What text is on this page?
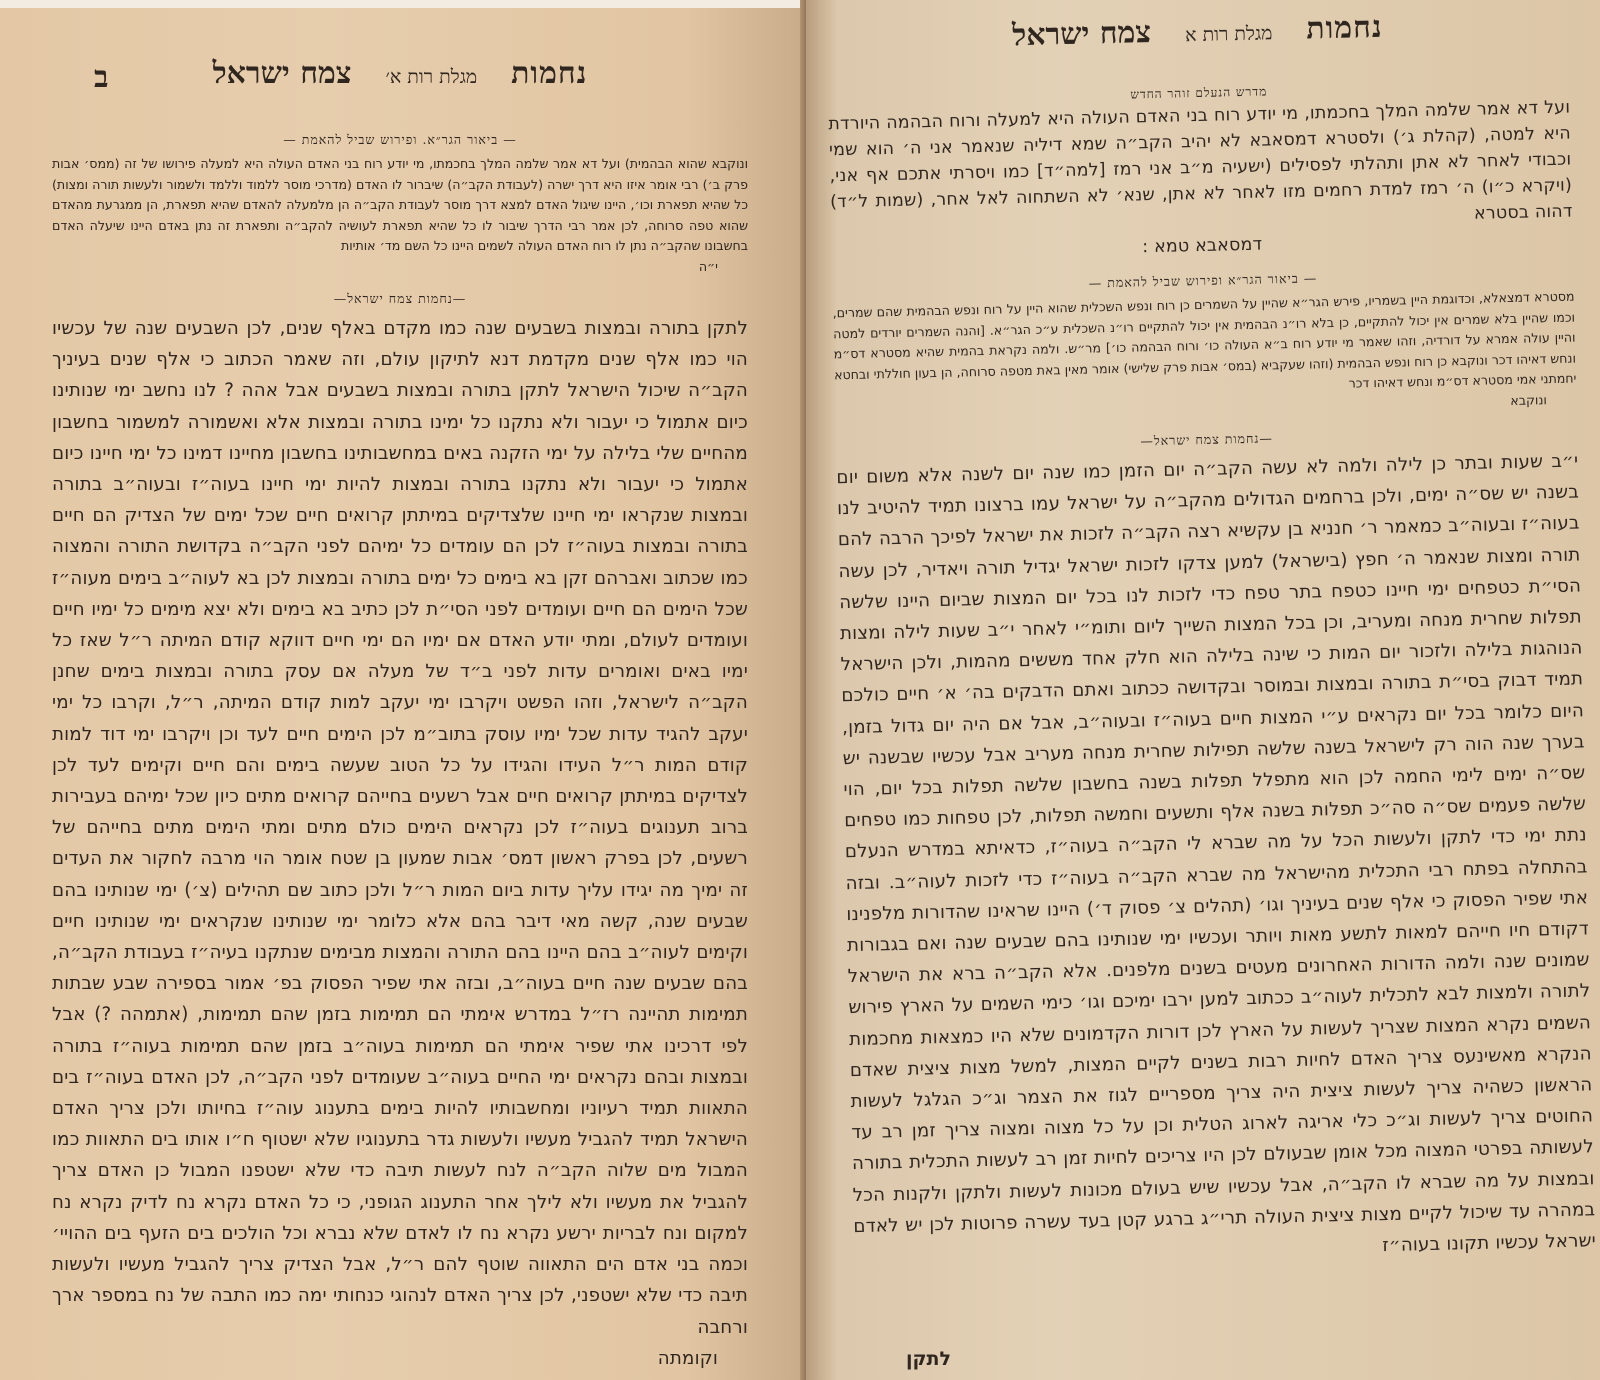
נחמות
מגלת רות א׳
צמח ישראל
ב
— ביאור הגר״א. ופירוש שביל להאמת —

ונוקבא שהוא הבהמית) ועל דא אמר שלמה המלך בחכמתו, מי יודע רוח בני האדם העולה היא למעלה פירושו של זה (ממס׳ אבות פרק ב׳) רבי אומר איזו היא דרך ישרה (לעבודת הקב״ה) שיברור לו האדם (מדרכי מוסר ללמוד וללמד ולשמור ולעשות תורה ומצות) כל שהיא תפארת וכו׳, היינו שיגול האדם למצא דרך מוסר לעבודת הקב״ה הן מלמעלה להאדם שהיא תפארת, הן ממגרעת מהאדם שהוא טפה סרוחה, לכן אמר רבי הדרך שיבור לו כל שהיא תפארת לעושיה להקב״ה ותפארת זה נתן באדם היינו שיעלה האדם בחשבונו שהקב״ה נתן לו רוח האדם העולה לשמים היינו כל השם מד׳ אותיות

י״ה

—נחמות צמח ישראל—

לתקן בתורה ובמצות בשבעים שנה כמו מקדם באלף שנים, לכן השבעים שנה של עכשיו הוי כמו אלף שנים מקדמת דנא לתיקון עולם, וזה שאמר הכתוב כי אלף שנים בעיניך הקב״ה שיכול הישראל לתקן בתורה ובמצות בשבעים אבל אהה ? לנו נחשב ימי שנותינו כיום אתמול כי יעבור ולא נתקנו כל ימינו בתורה ובמצות אלא ואשמורה למשמור בחשבון מהחיים שלי בלילה על ימי הזקנה באים במחשבותינו בחשבון מחיינו דמינו כל ימי חיינו כיום אתמול כי יעבור ולא נתקנו בתורה ובמצות להיות ימי חיינו בעוה״ז ובעוה״ב בתורה ובמצות שנקראו ימי חיינו שלצדיקים במיתתן קרואים חיים שכל ימים של הצדיק הם חיים בתורה ובמצות בעוה״ז לכן הם עומדים כל ימיהם לפני הקב״ה בקדושת התורה והמצוה כמו שכתוב ואברהם זקן בא בימים כל ימים בתורה ובמצות לכן בא לעוה״ב בימים מעוה״ז שכל הימים הם חיים ועומדים לפני הסי״ת לכן כתיב בא בימים ולא יצא מימים כל ימיו חיים ועומדים לעולם, ומתי יודע האדם אם ימיו הם ימי חיים דווקא קודם המיתה ר״ל שאז כל ימיו באים ואומרים עדות לפני ב״ד של מעלה אם עסק בתורה ובמצות בימים שחנן הקב״ה לישראל, וזהו הפשט ויקרבו ימי יעקב למות קודם המיתה, ר״ל, וקרבו כל ימי יעקב להגיד עדות שכל ימיו עוסק בתוב״מ לכן הימים חיים לעד וכן ויקרבו ימי דוד למות קודם המות ר״ל העידו והגידו על כל הטוב שעשה בימים והם חיים וקימים לעד לכן לצדיקים במיתתן קרואים חיים אבל רשעים בחייהם קרואים מתים כיון שכל ימיהם בעבירות ברוב תענוגים בעוה״ז לכן נקראים הימים כולם מתים ומתי הימים מתים בחייהם של רשעים, לכן בפרק ראשון דמס׳ אבות שמעון בן שטח אומר הוי מרבה לחקור את העדים זה ימיך מה יגידו עליך עדות ביום המות ר״ל ולכן כתוב שם תהילים (צ׳) ימי שנותינו בהם שבעים שנה, קשה מאי דיבר בהם אלא כלומר ימי שנותינו שנקראים ימי שנותינו חיים וקימים לעוה״ב בהם היינו בהם התורה והמצות מבימים שנתקנו בעיה״ז בעבודת הקב״ה, בהם שבעים שנה חיים בעוה״ב, ובזה אתי שפיר הפסוק בפ׳ אמור בספירה שבע שבתות תמימות תהיינה רז״ל במדרש אימתי הם תמימות בזמן שהם תמימות, (אתמהה ?) אבל לפי דרכינו אתי שפיר אימתי הם תמימות בעוה״ב בזמן שהם תמימות בעוה״ז בתורה ובמצות ובהם נקראים ימי החיים בעוה״ב שעומדים לפני הקב״ה, לכן האדם בעוה״ז בים התאוות תמיד רעיוניו ומחשבותיו להיות בימים בתענוג עוה״ז בחיותו ולכן צריך האדם הישראל תמיד להגביל מעשיו ולעשות גדר בתענוגיו שלא ישטוף ח״ו אותו בים התאוות כמו המבול מים שלוה הקב״ה לנח לעשות תיבה כדי שלא ישטפנו המבול כן האדם צריך להגביל את מעשיו ולא לילך אחר התענוג הגופני, כי כל האדם נקרא נח לדיק נקרא נח למקום ונח לבריות ירשע נקרא נח לו לאדם שלא נברא וכל הולכים בים הזעף בים ההויי׳ וכמה בני אדם הים התאווה שוטף להם ר״ל, אבל הצדיק צריך להגביל מעשיו ולעשות תיבה כדי שלא ישטפני, לכן צריך האדם לנהוגי כנחותי ימה כמו התבה של נח במספר ארך ורחבה

וקומתה

נחמות
מגלת רות א
צמח ישראל
מדרש הנעלם זוהר החדש

ועל דא אמר שלמה המלך בחכמתו, מי יודע רוח בני האדם העולה היא למעלה ורוח הבהמה היורדת היא למטה, (קהלת ג׳) ולסטרא דמסאבא לא יהיב הקב״ה שמא דיליה שנאמר אני ה׳ הוא שמי וכבודי לאחר לא אתן ותהלתי לפסילים (ישעיה מ״ב אני רמז [למה״ד] כמו ויסרתי אתכם אף אני, (ויקרא כ״ו) ה׳ רמז למדת רחמים מזו לאחר לא אתן, שנא׳ לא השתחוה לאל אחר, (שמות ל״ד) דהוה בסטרא

דמסאבא טמא :

— ביאור הגר״א ופירוש שביל להאמת —

מסטרא דמצאלא, וכדוגמת היין בשמריו, פירש הגר״א שהיין על השמרים כן רוח ונפש השכלית שהוא היין על רוח ונפש הבהמית שהם שמרים, וכמו שהיין בלא שמרים אין יכול להתקיים, כן בלא רו״נ הבהמית אין יכול להתקיים רו״נ השכלית ע״כ הגר״א. [והנה השמרים יורדים למטה והיין עולה אמרא על דורדיה, וזהו שאמר מי יודע רוח ב״א העולה כו׳ ורוח הבהמה כו׳] מר״ש. ולמה נקראת בהמית שהיא מסטרא דס״מ ונחש דאיהו דכר ונוקבא כן רוח ונפש הבהמית (וזהו שעקביא (במס׳ אבות פרק שלישי) אומר מאין באת מטפה סרוחה, הן בעון חוללתי ובחטא יחמתני אמי מסטרא דס״מ ונחש דאיהו דכר

ונוקבא

—נחמות צמח ישראל—

י״ב שעות ובתר כן לילה ולמה לא עשה הקב״ה יום הזמן כמו שנה יום לשנה אלא משום יום בשנה יש שס״ה ימים, ולכן ברחמים הגדולים מהקב״ה על ישראל עמו ברצונו תמיד להיטיב לנו בעוה״ז ובעוה״ב כמאמר ר׳ חנניא בן עקשיא רצה הקב״ה לזכות את ישראל לפיכך הרבה להם תורה ומצות שנאמר ה׳ חפץ (בישראל) למען צדקו לזכות ישראל יגדיל תורה ויאדיר, לכן עשה הסי״ת כטפחים ימי חיינו כטפח בתר טפח כדי לזכות לנו בכל יום המצות שביום היינו שלשה תפלות שחרית מנחה ומעריב, וכן בכל המצות השייך ליום ותומ״י לאחר י״ב שעות לילה ומצות הנוהגות בלילה ולזכור יום המות כי שינה בלילה הוא חלק אחד מששים מהמות, ולכן הישראל תמיד דבוק בסי״ת בתורה ובמצות ובמוסר ובקדושה ככתוב ואתם הדבקים בה׳ א׳ חיים כולכם היום כלומר בכל יום נקראים ע״י המצות חיים בעוה״ז ובעוה״ב, אבל אם היה יום גדול בזמן, בערך שנה הוה רק לישראל בשנה שלשה תפילות שחרית מנחה מעריב אבל עכשיו שבשנה יש שס״ה ימים לימי החמה לכן הוא מתפלל תפלות בשנה בחשבון שלשה תפלות בכל יום, הוי שלשה פעמים שס״ה סה״כ תפלות בשנה אלף ותשעים וחמשה תפלות, לכן טפחות כמו טפחים נתת ימי כדי לתקן ולעשות הכל על מה שברא לי הקב״ה בעוה״ז, כדאיתא במדרש הנעלם בהתחלה בפתח רבי התכלית מהישראל מה שברא הקב״ה בעוה״ז כדי לזכות לעוה״ב. ובזה אתי שפיר הפסוק כי אלף שנים בעיניך וגו׳ (תהלים צ׳ פסוק ד׳) היינו שראינו שהדורות מלפנינו דקודם חיו חייהם למאות לתשע מאות ויותר ועכשיו ימי שנותינו בהם שבעים שנה ואם בגבורות שמונים שנה ולמה הדורות האחרונים מעטים בשנים מלפנים. אלא הקב״ה ברא את הישראל לתורה ולמצות לבא לתכלית לעוה״ב ככתוב למען ירבו ימיכם וגו׳ כימי השמים על הארץ פירוש השמים נקרא המצות שצריך לעשות על הארץ לכן דורות הקדמונים שלא היו כמצאות מחכמות הנקרא מאשינעס צריך האדם לחיות רבות בשנים לקיים המצות, למשל מצות ציצית שאדם הראשון כשהיה צריך לעשות ציצית היה צריך מספריים לגוז את הצמר וג״כ הגלגל לעשות החוטים צריך לעשות וג״כ כלי אריגה לארוג הטלית וכן על כל מצוה ומצוה צריך זמן רב עד לעשותה בפרטי המצוה מכל אומן שבעולם לכן היו צריכים לחיות זמן רב לעשות התכלית בתורה ובמצות על מה שברא לו הקב״ה, אבל עכשיו שיש בעולם מכונות לעשות ולתקן ולקנות הכל במהרה עד שיכול לקיים מצות ציצית העולה תרי״ג ברגע קטן בעד עשרה פרוטות לכן יש לאדם ישראל עכשיו תקונו בעוה״ז

לתקן
